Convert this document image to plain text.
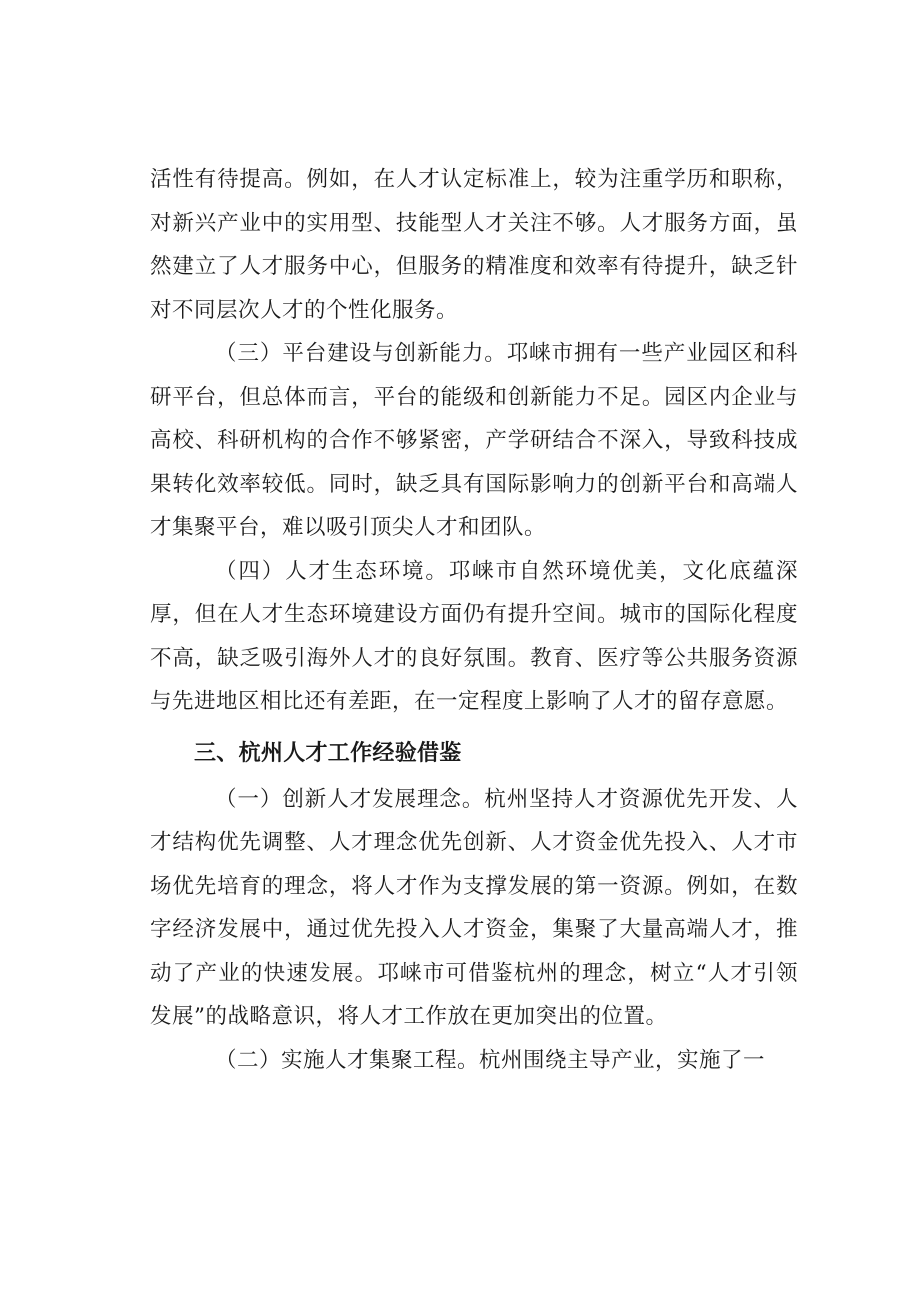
活性有待提高。例如，在人才认定标准上，较为注重学历和职称，对新兴产业中的实用型、技能型人才关注不够。人才服务方面，虽然建立了人才服务中心，但服务的精准度和效率有待提升，缺乏针对不同层次人才的个性化服务。

（三）平台建设与创新能力。邛崃市拥有一些产业园区和科研平台，但总体而言，平台的能级和创新能力不足。园区内企业与高校、科研机构的合作不够紧密，产学研结合不深入，导致科技成果转化效率较低。同时，缺乏具有国际影响力的创新平台和高端人才集聚平台，难以吸引顶尖人才和团队。

（四）人才生态环境。邛崃市自然环境优美，文化底蕴深厚，但在人才生态环境建设方面仍有提升空间。城市的国际化程度不高，缺乏吸引海外人才的良好氛围。教育、医疗等公共服务资源与先进地区相比还有差距，在一定程度上影响了人才的留存意愿。

三、杭州人才工作经验借鉴

（一）创新人才发展理念。杭州坚持人才资源优先开发、人才结构优先调整、人才理念优先创新、人才资金优先投入、人才市场优先培育的理念，将人才作为支撑发展的第一资源。例如，在数字经济发展中，通过优先投入人才资金，集聚了大量高端人才，推动了产业的快速发展。邛崃市可借鉴杭州的理念，树立“人才引领发展”的战略意识，将人才工作放在更加突出的位置。

（二）实施人才集聚工程。杭州围绕主导产业，实施了一
